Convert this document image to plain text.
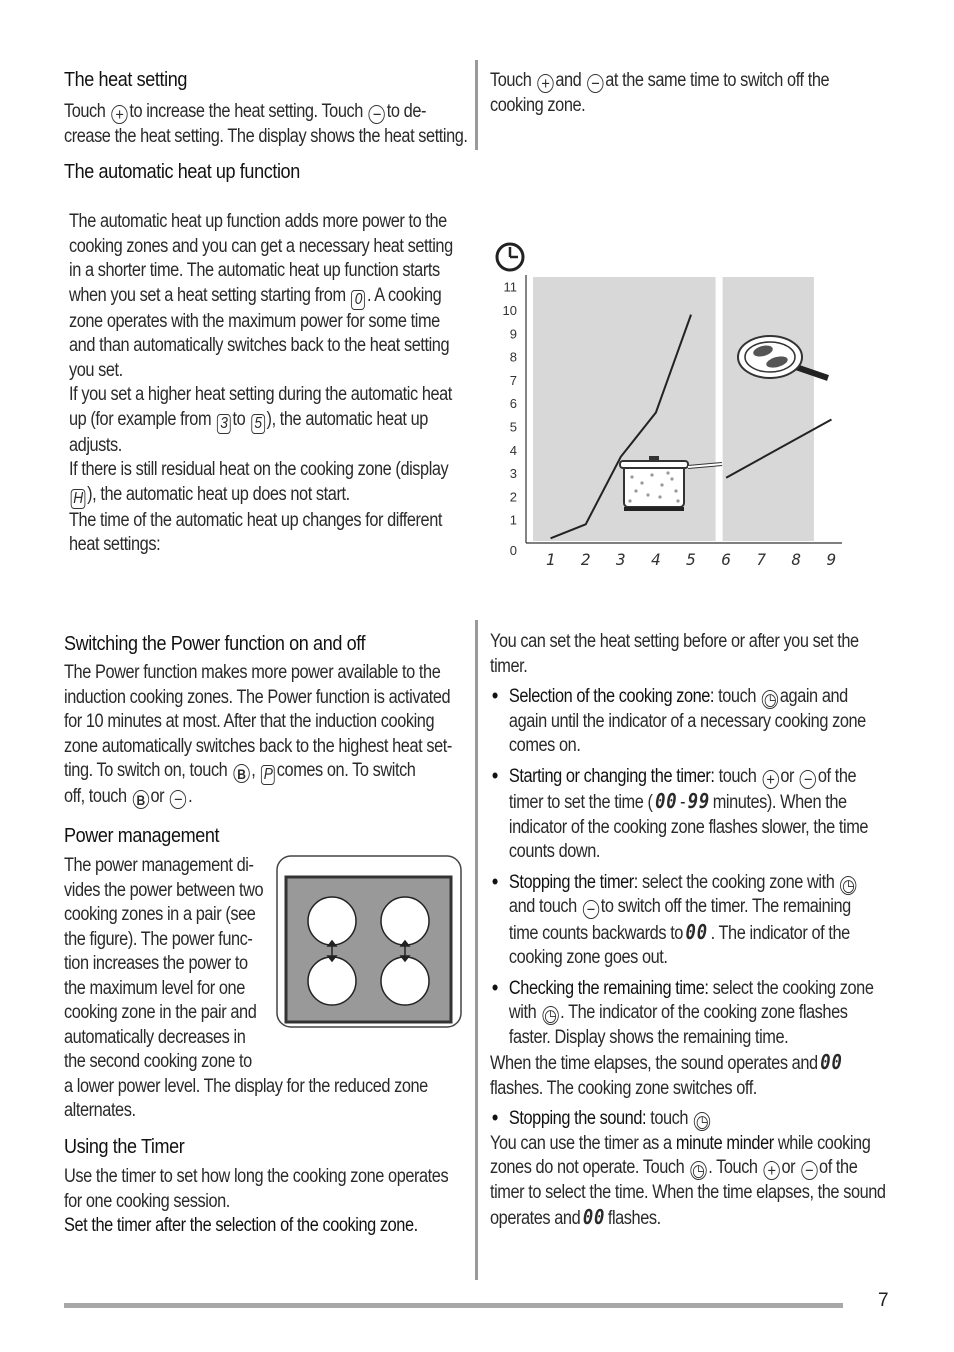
The heat setting
Touch + to increase the heat setting. Touch − to de-
crease the heat setting. The display shows the heat setting.
Touch + and − at the same time to switch off the
cooking zone.
The automatic heat up function
The automatic heat up function adds more power to the
cooking zones and you can get a necessary heat setting
in a shorter time. The automatic heat up function starts
when you set a heat setting starting from 0 . A cooking
zone operates with the maximum power for some time
and than automatically switches back to the heat setting
you set.
If you set a higher heat setting during the automatic heat
up (for example from 3 to 5 ), the automatic heat up
adjusts.
If there is still residual heat on the cooking zone (display
H ), the automatic heat up does not start.
The time of the automatic heat up changes for different
heat settings:	0
1
2
3
4
5
6
7
8
9
10
11
1 2 3 4 5 6 7 8 9
Switching the Power function on and off
The Power function makes more power available to the
induction cooking zones. The Power function is activated
for 10 minutes at most. After that the induction cooking
zone automatically switches back to the highest heat set-
ting. To switch on, touch B , P comes on. To switch
off, touch B or − .
Power management
The power management di-
vides the power between two
cooking zones in a pair (see
the figure). The power func-
tion increases the power to
the maximum level for one
cooking zone in the pair and
automatically decreases in
the second cooking zone to
a lower power level. The display for the reduced zone
alternates.
Using the Timer
Use the timer to set how long the cooking zone operates
for one cooking session.
Set the timer after the selection of the cooking zone.
You can set the heat setting before or after you set the
timer.
• Selection of the cooking zone: touch ◷ again and
again until the indicator of a necessary cooking zone
comes on.
• Starting or changing the timer: touch + or − of the
timer to set the time ( 00 - 99 minutes). When the
indicator of the cooking zone flashes slower, the time
counts down.
• Stopping the timer: select the cooking zone with ◷
and touch − to switch off the timer. The remaining
time counts backwards to 00 . The indicator of the
cooking zone goes out.
• Checking the remaining time: select the cooking zone
with ◷ . The indicator of the cooking zone flashes
faster. Display shows the remaining time.
When the time elapses, the sound operates and 00
flashes. The cooking zone switches off.
• Stopping the sound: touch ◷
You can use the timer as a minute minder while cooking
zones do not operate. Touch ◷ . Touch + or − of the
timer to select the time. When the time elapses, the sound
operates and 00 flashes.
7
